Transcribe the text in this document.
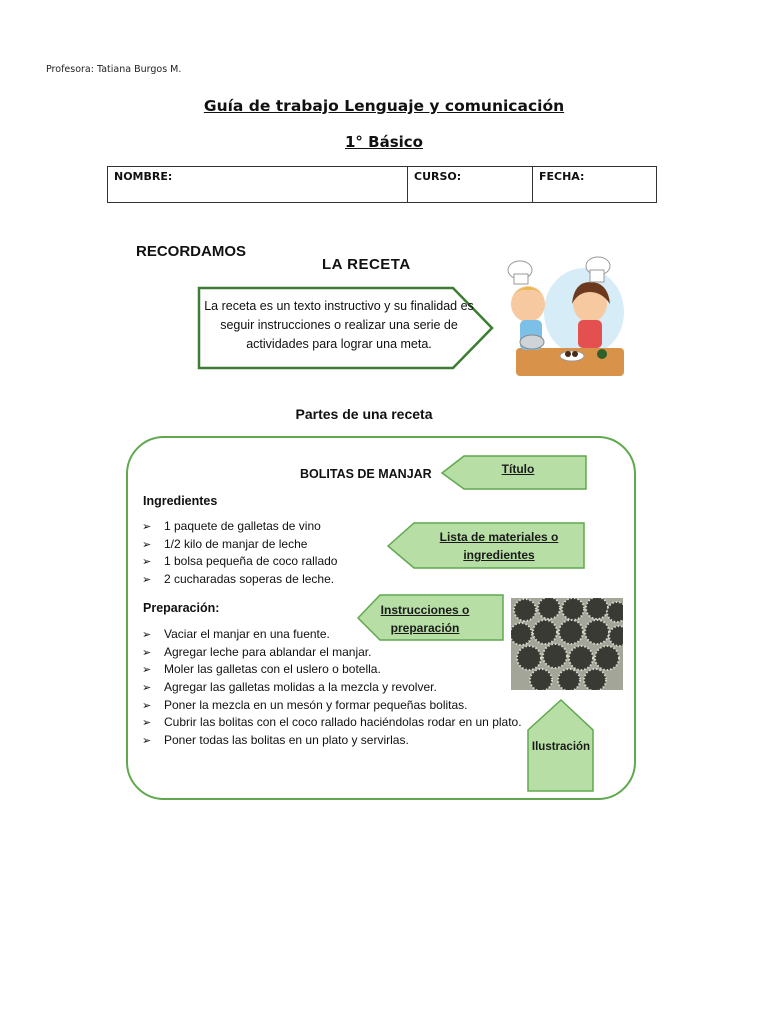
Profesora: Tatiana Burgos M.
Guía de trabajo Lenguaje y comunicación
1° Básico
NOMBRE:	CURSO:	FECHA:
RECORDAMOS
LA RECETA
La receta es un texto instructivo y su finalidad es seguir instrucciones o realizar una serie de actividades para lograr una meta.
Partes de una receta
BOLITAS DE MANJAR
Ingredientes
➢ 1 paquete de galletas de vino
➢ 1/2 kilo de manjar de leche
➢ 1 bolsa pequeña de coco rallado
➢ 2 cucharadas soperas de leche.
Preparación:
➢ Vaciar el manjar en una fuente.
➢ Agregar leche para ablandar el manjar.
➢ Moler las galletas con el uslero o botella.
➢ Agregar las galletas molidas a la mezcla y revolver.
➢ Poner la mezcla en un mesón y formar pequeñas bolitas.
➢ Cubrir las bolitas con el coco rallado haciéndolas rodar en un plato.
➢ Poner todas las bolitas en un plato y servirlas.
Título
Lista de materiales o
ingredientes
Instrucciones o
preparación
Ilustración
